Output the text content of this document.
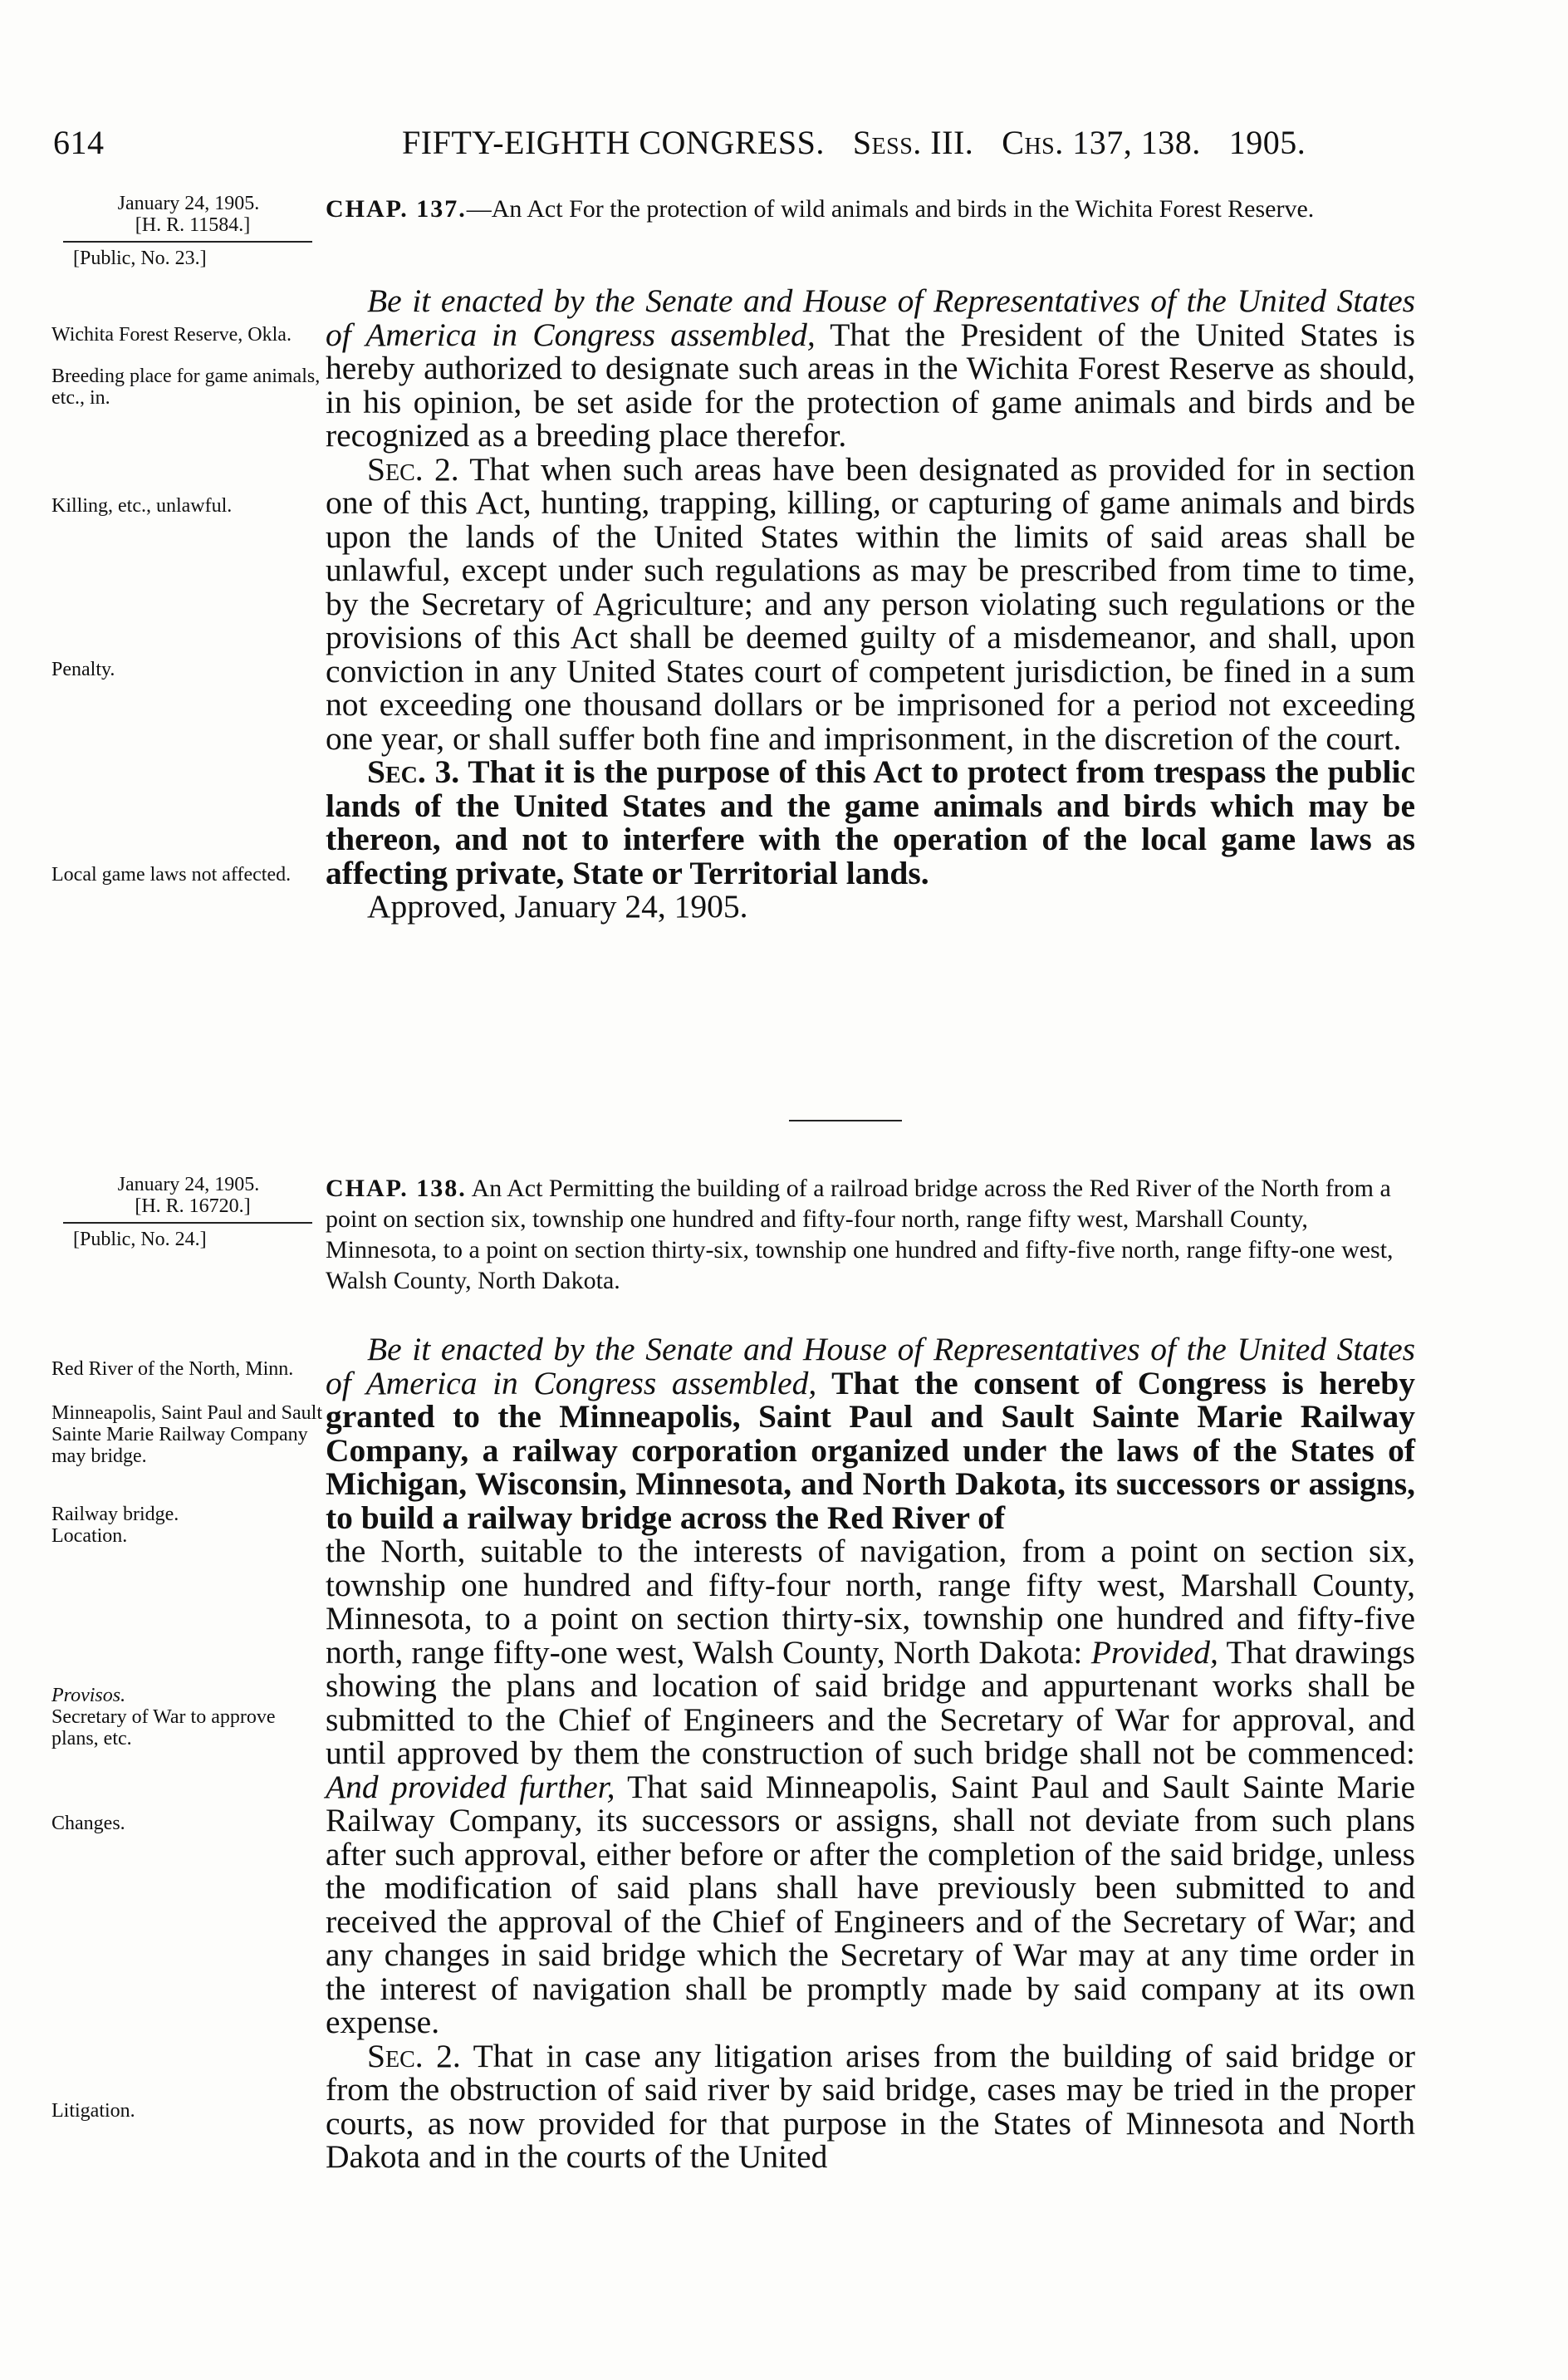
614	FIFTY-EIGHTH CONGRESS. Sess. III. Chs. 137, 138. 1905.
January 24, 1905.
[H. R. 11584.]
[Public, No. 23.]
Wichita Forest Reserve, Okla.
Breeding place for game animals, etc., in.
Killing, etc., unlawful.
Penalty.
Local game laws not affected.
CHAP. 137.—An Act For the protection of wild animals and birds in the Wichita Forest Reserve.

Be it enacted by the Senate and House of Representatives of the United States of America in Congress assembled, That the President of the United States is hereby authorized to designate such areas in the Wichita Forest Reserve as should, in his opinion, be set aside for the protection of game animals and birds and be recognized as a breeding place therefor.

Sec. 2. That when such areas have been designated as provided for in section one of this Act, hunting, trapping, killing, or capturing of game animals and birds upon the lands of the United States within the limits of said areas shall be unlawful, except under such regulations as may be prescribed from time to time, by the Secretary of Agriculture; and any person violating such regulations or the provisions of this Act shall be deemed guilty of a misdemeanor, and shall, upon conviction in any United States court of competent jurisdiction, be fined in a sum not exceeding one thousand dollars or be imprisoned for a period not exceeding one year, or shall suffer both fine and imprisonment, in the discretion of the court.

Sec. 3. That it is the purpose of this Act to protect from trespass the public lands of the United States and the game animals and birds which may be thereon, and not to interfere with the operation of the local game laws as affecting private, State or Territorial lands.

Approved, January 24, 1905.
January 24, 1905.
[H. R. 16720.]
[Public, No. 24.]
CHAP. 138. An Act Permitting the building of a railroad bridge across the Red River of the North from a point on section six, township one hundred and fifty-four north, range fifty west, Marshall County, Minnesota, to a point on section thirty-six, township one hundred and fifty-five north, range fifty-one west, Walsh County, North Dakota.
Red River of the North, Minn.
Minneapolis, Saint Paul and Sault Sainte Marie Railway Company may bridge.
Railway bridge.
Location.
Provisos.
Secretary of War to approve plans, etc.
Changes.
Litigation.

Be it enacted by the Senate and House of Representatives of the United States of America in Congress assembled, That the consent of Congress is hereby granted to the Minneapolis, Saint Paul and Sault Sainte Marie Railway Company, a railway corporation organized under the laws of the States of Michigan, Wisconsin, Minnesota, and North Dakota, its successors or assigns, to build a railway bridge across the Red River of

the North, suitable to the interests of navigation, from a point on section six, township one hundred and fifty-four north, range fifty west, Marshall County, Minnesota, to a point on section thirty-six, township one hundred and fifty-five north, range fifty-one west, Walsh County, North Dakota: Provided, That drawings showing the plans and location of said bridge and appurtenant works shall be submitted to the Chief of Engineers and the Secretary of War for approval, and until approved by them the construction of such bridge shall not be commenced: And provided further, That said Minneapolis, Saint Paul and Sault Sainte Marie Railway Company, its successors or assigns, shall not deviate from such plans after such approval, either before or after the completion of the said bridge, unless the modification of said plans shall have previously been submitted to and received the approval of the Chief of Engineers and of the Secretary of War; and any changes in said bridge which the Secretary of War may at any time order in the interest of navigation shall be promptly made by said company at its own expense.

Sec. 2. That in case any litigation arises from the building of said bridge or from the obstruction of said river by said bridge, cases may be tried in the proper courts, as now provided for that purpose in the States of Minnesota and North Dakota and in the courts of the United
